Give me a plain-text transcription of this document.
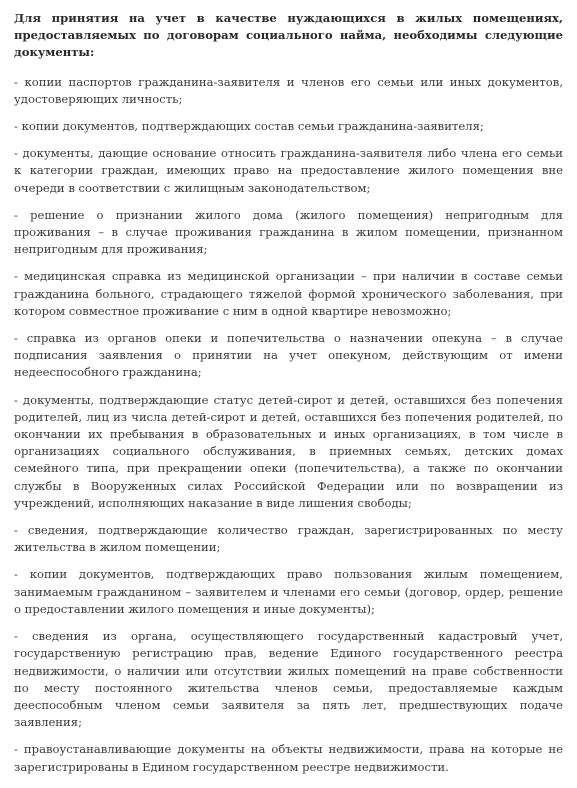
Для принятия на учет в качестве нуждающихся в жилых помещениях, предоставляемых по договорам социального найма, необходимы следующие документы:

- копии паспортов гражданина-заявителя и членов его семьи или иных документов, удостоверяющих личность;

- копии документов, подтверждающих состав семьи гражданина-заявителя;

- документы, дающие основание относить гражданина-заявителя либо члена его семьи к категории граждан, имеющих право на предоставление жилого помещения вне очереди в соответствии с жилищным законодательством;

- решение о признании жилого дома (жилого помещения) непригодным для проживания – в случае проживания гражданина в жилом помещении, признанном непригодным для проживания;

- медицинская справка из медицинской организации – при наличии в составе семьи гражданина больного, страдающего тяжелой формой хронического заболевания, при котором совместное проживание с ним в одной квартире невозможно;

- справка из органов опеки и попечительства о назначении опекуна – в случае подписания заявления о принятии на учет опекуном, действующим от имени недееспособного гражданина;

- документы, подтверждающие статус детей-сирот и детей, оставшихся без попечения родителей, лиц из числа детей-сирот и детей, оставшихся без попечения родителей, по окончании их пребывания в образовательных и иных организациях, в том числе в организациях социального обслуживания, в приемных семьях, детских домах семейного типа, при прекращении опеки (попечительства), а также по окончании службы в Вооруженных силах Российской Федерации или по возвращении из учреждений, исполняющих наказание в виде лишения свободы;

- сведения, подтверждающие количество граждан, зарегистрированных по месту жительства в жилом помещении;

- копии документов, подтверждающих право пользования жилым помещением, занимаемым гражданином – заявителем и членами его семьи (договор, ордер, решение о предоставлении жилого помещения и иные документы);

- сведения из органа, осуществляющего государственный кадастровый учет, государственную регистрацию прав, ведение Единого государственного реестра недвижимости, о наличии или отсутствии жилых помещений на праве собственности по месту постоянного жительства членов семьи, предоставляемые каждым дееспособным членом семьи заявителя за пять лет, предшествующих подаче заявления;

- правоустанавливающие документы на объекты недвижимости, права на которые не зарегистрированы в Едином государственном реестре недвижимости.
